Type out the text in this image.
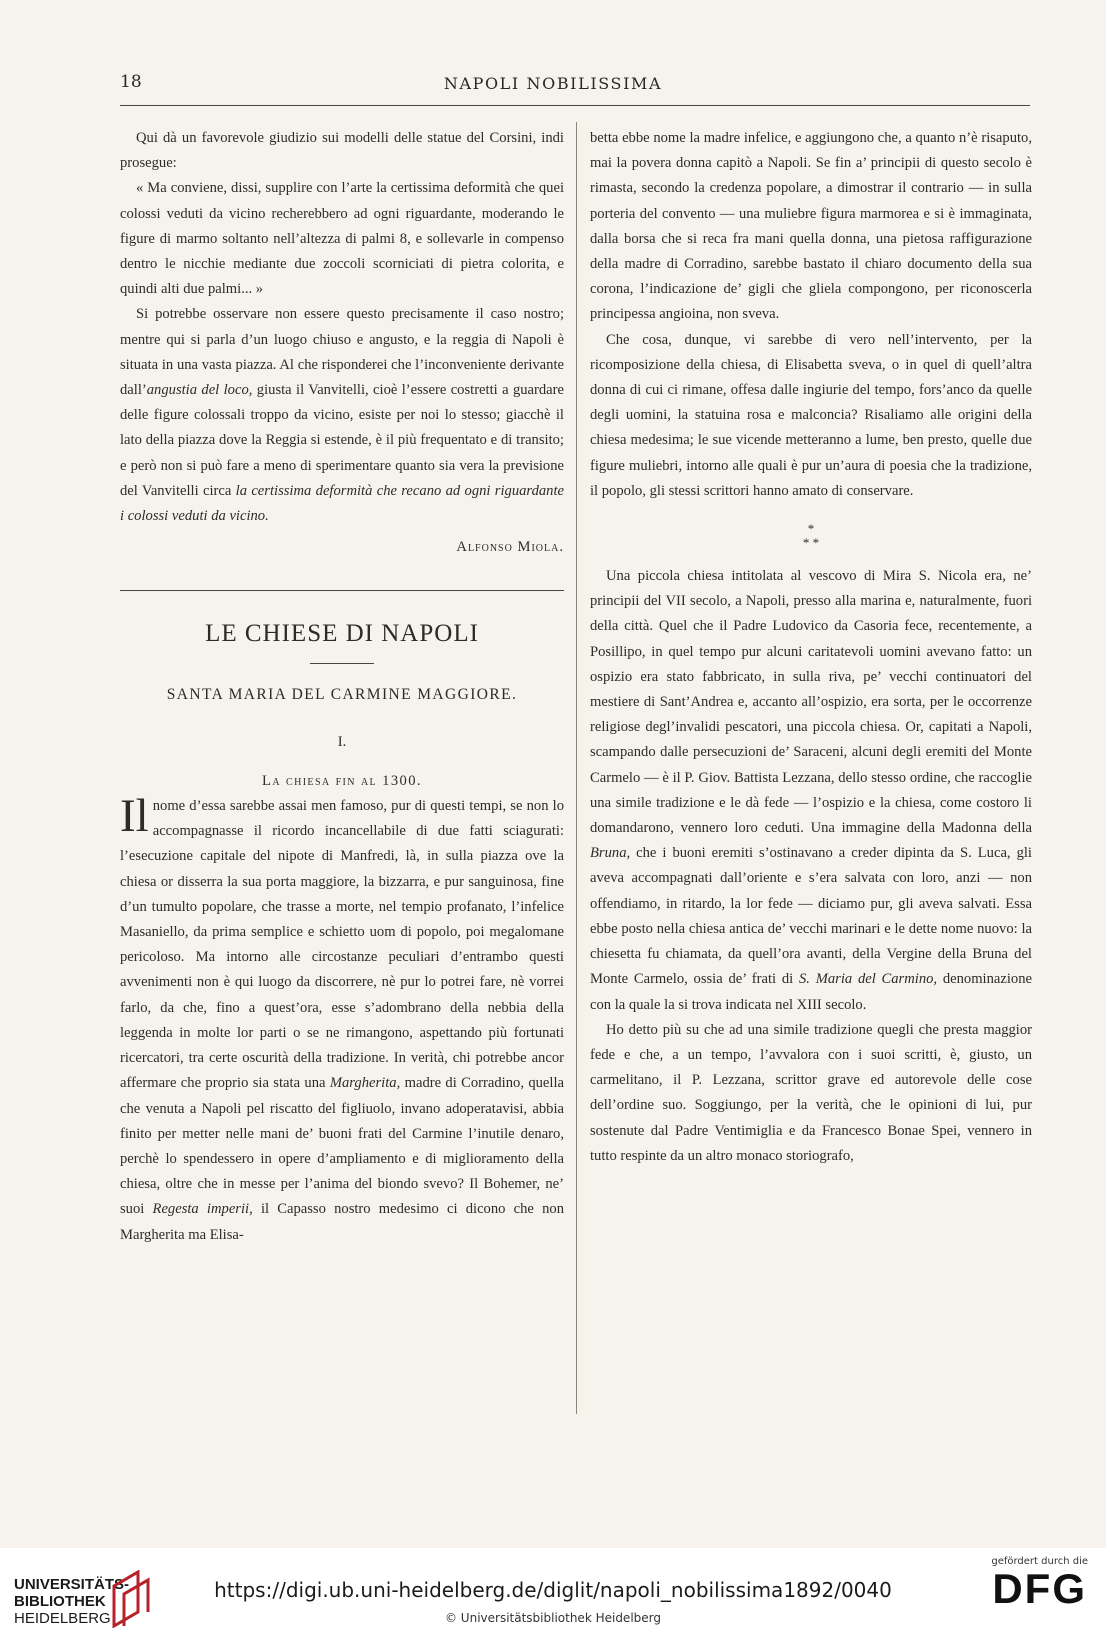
18	NAPOLI NOBILISSIMA

Qui dà un favorevole giudizio sui modelli delle statue del Corsini, indi prosegue:

« Ma conviene, dissi, supplire con l’arte la certissima deformità che quei colossi veduti da vicino recherebbero ad ogni riguardante, moderando le figure di marmo soltanto nell’altezza di palmi 8, e sollevarle in compenso dentro le nicchie mediante due zoccoli scorniciati di pietra colorita, e quindi alti due palmi... »

Si potrebbe osservare non essere questo precisamente il caso nostro; mentre qui si parla d’un luogo chiuso e angusto, e la reggia di Napoli è situata in una vasta piazza. Al che risponderei che l’inconveniente derivante dall’angustia del loco, giusta il Vanvitelli, cioè l’essere costretti a guardare delle figure colossali troppo da vicino, esiste per noi lo stesso; giacchè il lato della piazza dove la Reggia si estende, è il più frequentato e di transito; e però non si può fare a meno di sperimentare quanto sia vera la previsione del Vanvitelli circa la certissima deformità che recano ad ogni riguardante i colossi veduti da vicino.

Alfonso Miola.
LE CHIESE DI NAPOLI
SANTA MARIA DEL CARMINE MAGGIORE.
I.
La chiesa fin al 1300.

Il nome d’essa sarebbe assai men famoso, pur di questi tempi, se non lo accompagnasse il ricordo incancellabile di due fatti sciagurati: l’esecuzione capitale del nipote di Manfredi, là, in sulla piazza ove la chiesa or disserra la sua porta maggiore, la bizzarra, e pur sanguinosa, fine d’un tumulto popolare, che trasse a morte, nel tempio profanato, l’infelice Masaniello, da prima semplice e schietto uom di popolo, poi megalomane pericoloso. Ma intorno alle circostanze peculiari d’entrambo questi avvenimenti non è qui luogo da discorrere, nè pur lo potrei fare, nè vorrei farlo, da che, fino a quest’ora, esse s’adombrano della nebbia della leggenda in molte lor parti o se ne rimangono, aspettando più fortunati ricercatori, tra certe oscurità della tradizione. In verità, chi potrebbe ancor affermare che proprio sia stata una Margherita, madre di Corradino, quella che venuta a Napoli pel riscatto del figliuolo, invano adoperatavisi, abbia finito per metter nelle mani de’ buoni frati del Carmine l’inutile denaro, perchè lo spendessero in opere d’ampliamento e di miglioramento della chiesa, oltre che in messe per l’anima del biondo svevo? Il Bohemer, ne’ suoi Regesta imperii, il Capasso nostro medesimo ci dicono che non Margherita ma Elisa-

betta ebbe nome la madre infelice, e aggiungono che, a quanto n’è risaputo, mai la povera donna capitò a Napoli. Se fin a’ principii di questo secolo è rimasta, secondo la credenza popolare, a dimostrar il contrario — in sulla porteria del convento — una muliebre figura marmorea e si è immaginata, dalla borsa che si reca fra mani quella donna, una pietosa raffigurazione della madre di Corradino, sarebbe bastato il chiaro documento della sua corona, l’indicazione de’ gigli che gliela compongono, per riconoscerla principessa angioina, non sveva.

Che cosa, dunque, vi sarebbe di vero nell’intervento, per la ricomposizione della chiesa, di Elisabetta sveva, o in quel di quell’altra donna di cui ci rimane, offesa dalle ingiurie del tempo, fors’anco da quelle degli uomini, la statuina rosa e malconcia? Risaliamo alle origini della chiesa medesima; le sue vicende metteranno a lume, ben presto, quelle due figure muliebri, intorno alle quali è pur un’aura di poesia che la tradizione, il popolo, gli stessi scrittori hanno amato di conservare.

*
* *

Una piccola chiesa intitolata al vescovo di Mira S. Nicola era, ne’ principii del VII secolo, a Napoli, presso alla marina e, naturalmente, fuori della città. Quel che il Padre Ludovico da Casoria fece, recentemente, a Posillipo, in quel tempo pur alcuni caritatevoli uomini avevano fatto: un ospizio era stato fabbricato, in sulla riva, pe’ vecchi continuatori del mestiere di Sant’Andrea e, accanto all’ospizio, era sorta, per le occorrenze religiose degl’invalidi pescatori, una piccola chiesa. Or, capitati a Napoli, scampando dalle persecuzioni de’ Saraceni, alcuni degli eremiti del Monte Carmelo — è il P. Giov. Battista Lezzana, dello stesso ordine, che raccoglie una simile tradizione e le dà fede — l’ospizio e la chiesa, come costoro li domandarono, vennero loro ceduti. Una immagine della Madonna della Bruna, che i buoni eremiti s’ostinavano a creder dipinta da S. Luca, gli aveva accompagnati dall’oriente e s’era salvata con loro, anzi — non offendiamo, in ritardo, la lor fede — diciamo pur, gli aveva salvati. Essa ebbe posto nella chiesa antica de’ vecchi marinari e le dette nome nuovo: la chiesetta fu chiamata, da quell’ora avanti, della Vergine della Bruna del Monte Carmelo, ossia de’ frati di S. Maria del Carmino, denominazione con la quale la si trova indicata nel XIII secolo.

Ho detto più su che ad una simile tradizione quegli che presta maggior fede e che, a un tempo, l’avvalora con i suoi scritti, è, giusto, un carmelitano, il P. Lezzana, scrittor grave ed autorevole delle cose dell’ordine suo. Soggiungo, per la verità, che le opinioni di lui, pur sostenute dal Padre Ventimiglia e da Francesco Bonae Spei, vennero in tutto respinte da un altro monaco storiografo,

UNIVERSITÄTS-
BIBLIOTHEK
HEIDELBERG
https://digi.ub.uni-heidelberg.de/diglit/napoli_nobilissima1892/0040
© Universitätsbibliothek Heidelberg
gefördert durch die
DFG
